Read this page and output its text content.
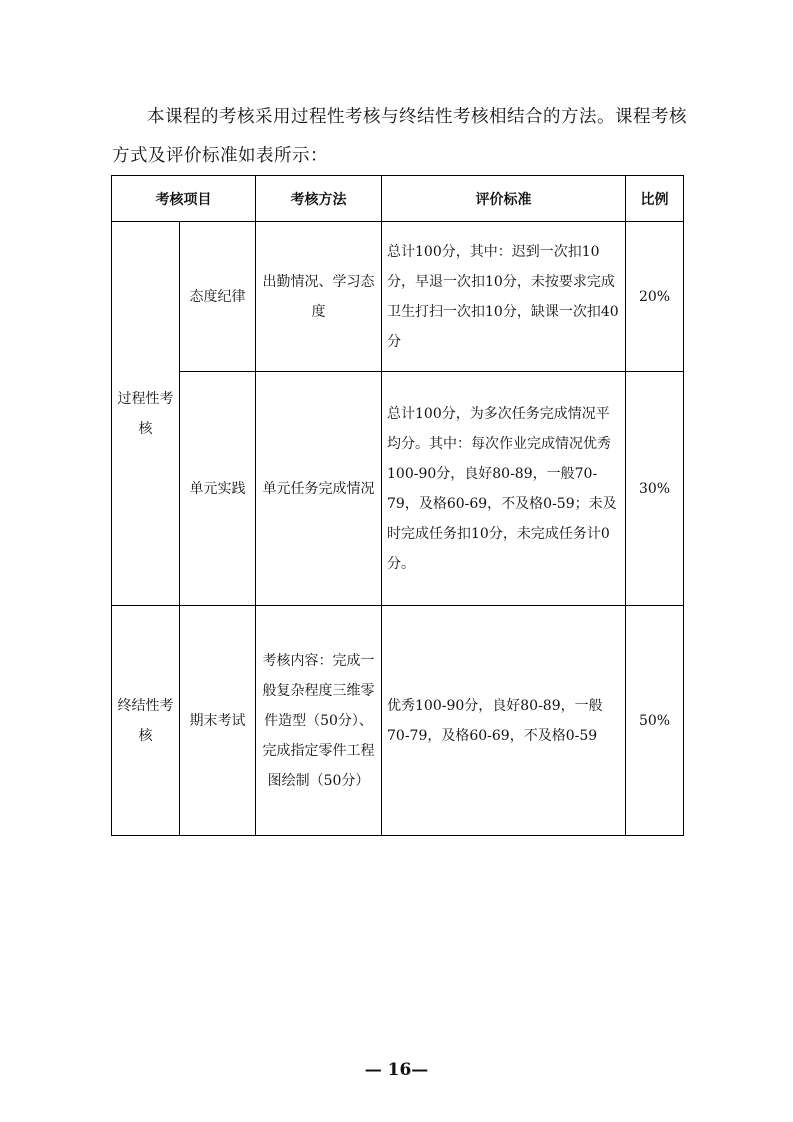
本课程的考核采用过程性考核与终结性考核相结合的方法。课程考核方式及评价标准如表所示：

考核项目		考核方法	评价标准	比例
过程性考核	态度纪律	出勤情况、学习态度	总计100分，其中：迟到一次扣10分，早退一次扣10分，未按要求完成卫生打扫一次扣10分，缺课一次扣40分	20%
	单元实践	单元任务完成情况	总计100分，为多次任务完成情况平均分。其中：每次作业完成情况优秀100-90分，良好80-89，一般70-79，及格60-69，不及格0-59；未及时完成任务扣10分，未完成任务计0分。	30%
终结性考核	期末考试	考核内容：完成一般复杂程度三维零件造型（50分）、完成指定零件工程图绘制（50分）	优秀100-90分，良好80-89，一般70-79，及格60-69，不及格0-59	50%
— 16—
